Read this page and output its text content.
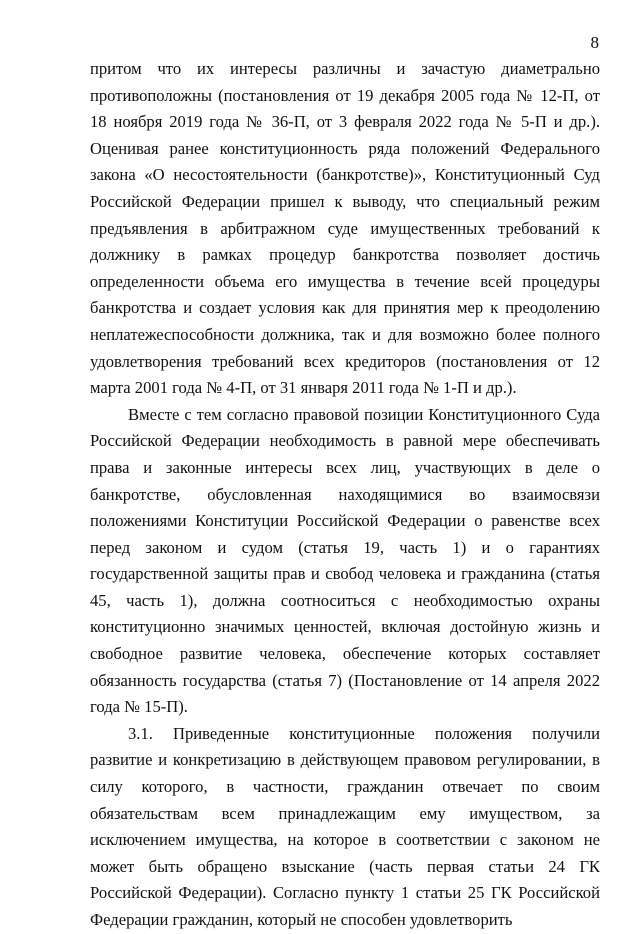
8

притом что их интересы различны и зачастую диаметрально противоположны (постановления от 19 декабря 2005 года № 12-П, от 18 ноября 2019 года № 36-П, от 3 февраля 2022 года № 5-П и др.). Оценивая ранее конституционность ряда положений Федерального закона «О несостоятельности (банкротстве)», Конституционный Суд Российской Федерации пришел к выводу, что специальный режим предъявления в арбитражном суде имущественных требований к должнику в рамках процедур банкротства позволяет достичь определенности объема его имущества в течение всей процедуры банкротства и создает условия как для принятия мер к преодолению неплатежеспособности должника, так и для возможно более полного удовлетворения требований всех кредиторов (постановления от 12 марта 2001 года № 4-П, от 31 января 2011 года № 1-П и др.).

Вместе с тем согласно правовой позиции Конституционного Суда Российской Федерации необходимость в равной мере обеспечивать права и законные интересы всех лиц, участвующих в деле о банкротстве, обусловленная находящимися во взаимосвязи положениями Конституции Российской Федерации о равенстве всех перед законом и судом (статья 19, часть 1) и о гарантиях государственной защиты прав и свобод человека и гражданина (статья 45, часть 1), должна соотноситься с необходимостью охраны конституционно значимых ценностей, включая достойную жизнь и свободное развитие человека, обеспечение которых составляет обязанность государства (статья 7) (Постановление от 14 апреля 2022 года № 15-П).

3.1. Приведенные конституционные положения получили развитие и конкретизацию в действующем правовом регулировании, в силу которого, в частности, гражданин отвечает по своим обязательствам всем принадлежащим ему имуществом, за исключением имущества, на которое в соответствии с законом не может быть обращено взыскание (часть первая статьи 24 ГК Российской Федерации). Согласно пункту 1 статьи 25 ГК Российской Федерации гражданин, который не способен удовлетворить
